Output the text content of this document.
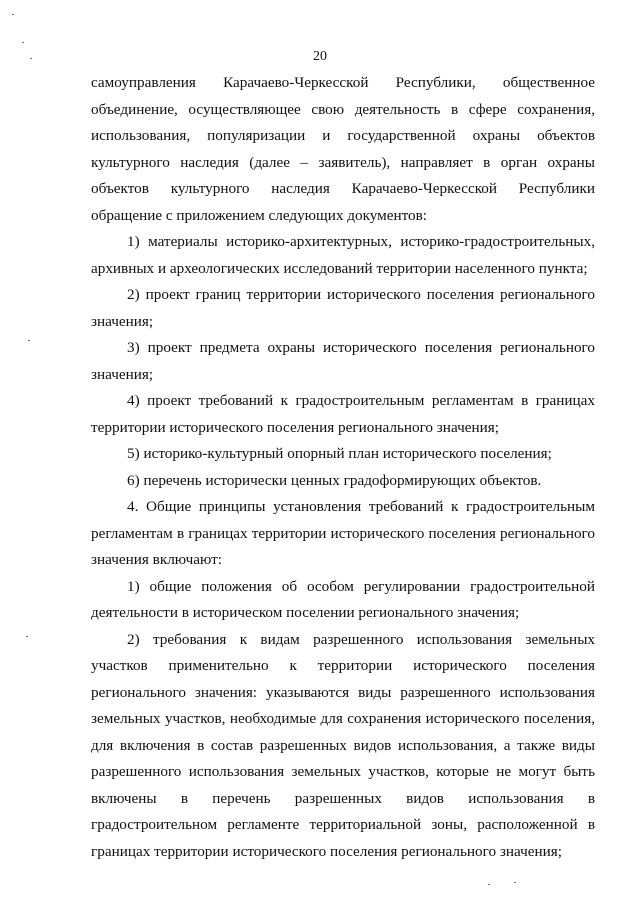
20

самоуправления Карачаево-Черкесской Республики, общественное объединение, осуществляющее свою деятельность в сфере сохранения, использования, популяризации и государственной охраны объектов культурного наследия (далее – заявитель), направляет в орган охраны объектов культурного наследия Карачаево-Черкесской Республики обращение с приложением следующих документов:

1) материалы историко-архитектурных, историко-градостроительных, архивных и археологических исследований территории населенного пункта;

2) проект границ территории исторического поселения регионального значения;

3) проект предмета охраны исторического поселения регионального значения;

4) проект требований к градостроительным регламентам в границах территории исторического поселения регионального значения;

5) историко-культурный опорный план исторического поселения;

6) перечень исторически ценных градоформирующих объектов.

4. Общие принципы установления требований к градостроительным регламентам в границах территории исторического поселения регионального значения включают:

1) общие положения об особом регулировании градостроительной деятельности в историческом поселении регионального значения;

2) требования к видам разрешенного использования земельных участков применительно к территории исторического поселения регионального значения: указываются виды разрешенного использования земельных участков, необходимые для сохранения исторического поселения, для включения в состав разрешенных видов использования, а также виды разрешенного использования земельных участков, которые не могут быть включены в перечень разрешенных видов использования в градостроительном регламенте территориальной зоны, расположенной в границах территории исторического поселения регионального значения;
